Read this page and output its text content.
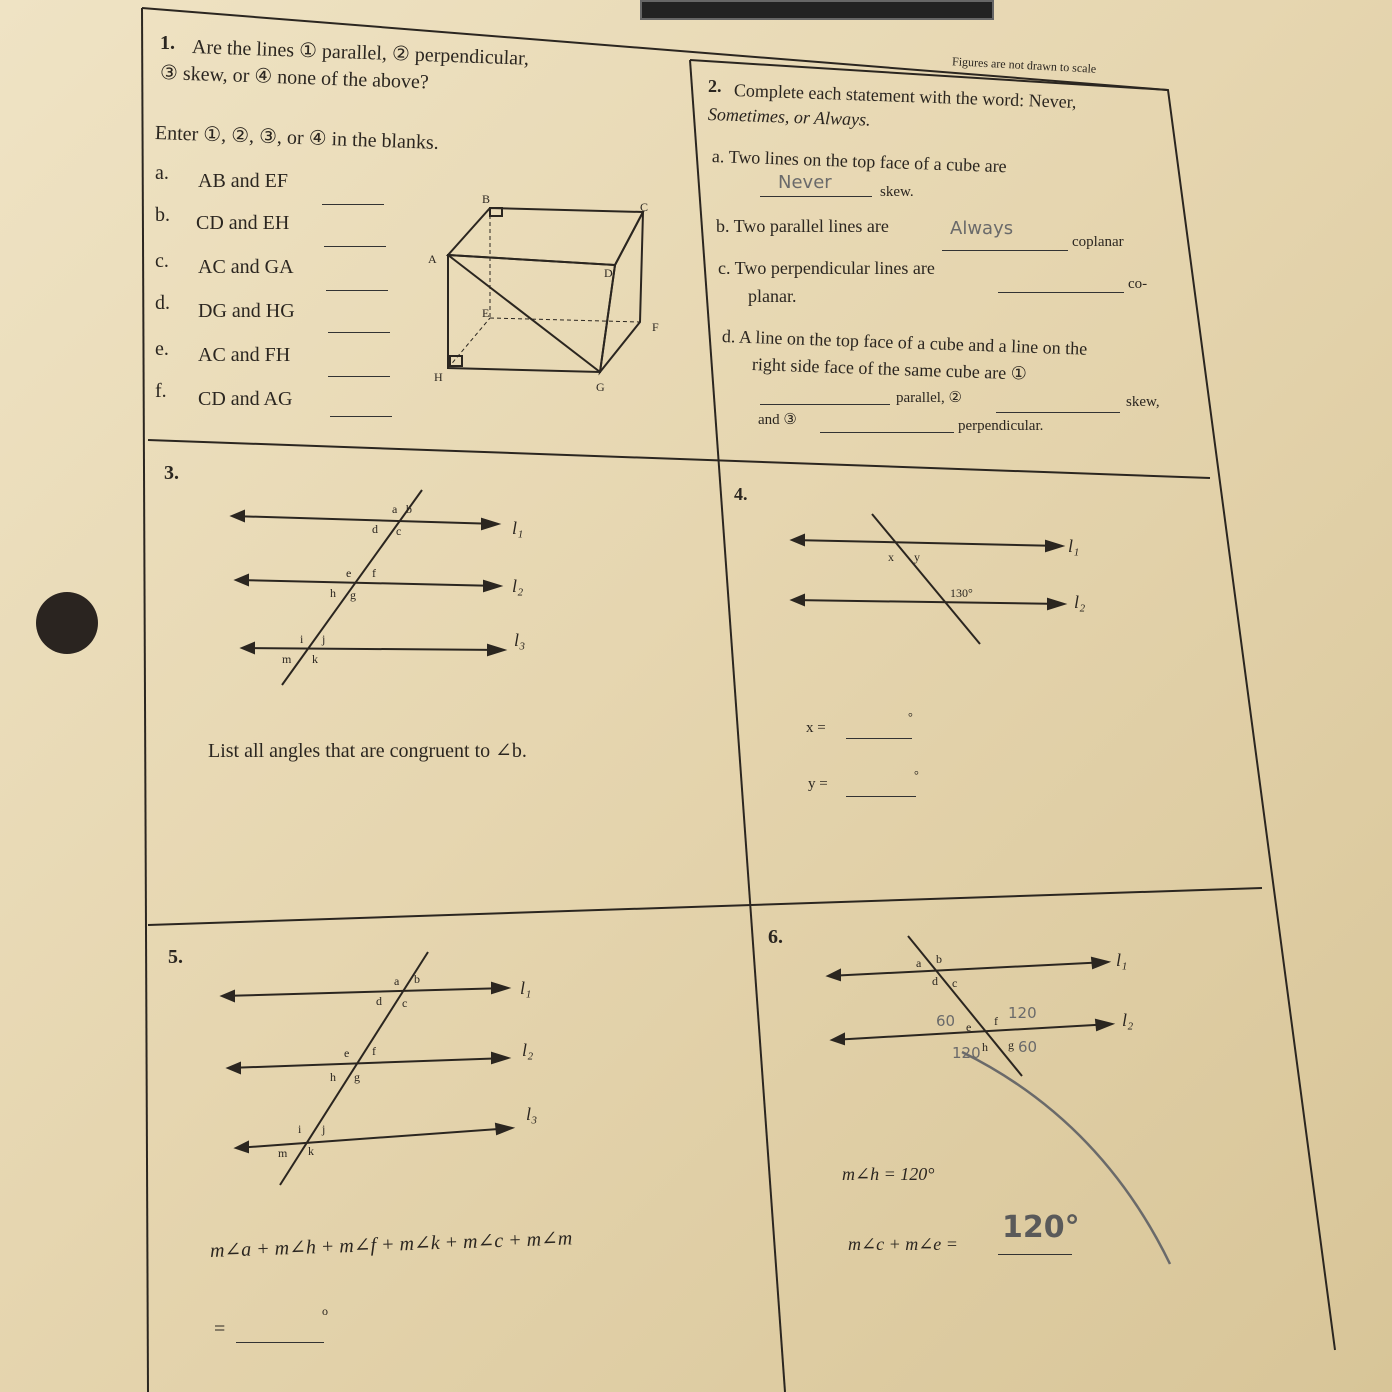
Figures are not drawn to scale
1. Are the lines ① parallel, ② perpendicular,
③ skew, or ④ none of the above?
Enter ①, ②, ③, or ④ in the blanks.
a. AB and EF
b. CD and EH
c. AC and GA
d. DG and HG
e. AC and FH
f. CD and AG
A
B
C
D
E
F
G
H
2. Complete each statement with the word: Never,
Sometimes, or Always.
a. Two lines on the top face of a cube are
Never	skew.
b. Two parallel lines are	Always
coplanar
c. Two perpendicular lines are
co-
planar.
d. A line on the top face of a cube and a line on the
right side face of the same cube are ①
parallel, ②	skew,
and ③	perpendicular.
3.
a b
d c
e f
h g
i j
m k
l₁
l₂
l₃
List all angles that are congruent to ∠b.
4.
x y
130°
l₁
l₂
x =
°
y =
°
5.
a b
d c
e f
h g
i j
m k
l₁
l₂
l₃
m∠a + m∠h + m∠f + m∠k + m∠c + m∠m
=
o
6.
a b
d c
e f
h g
l₁
l₂
60	120
120 60
m∠h = 120°
m∠c + m∠e = 120°
